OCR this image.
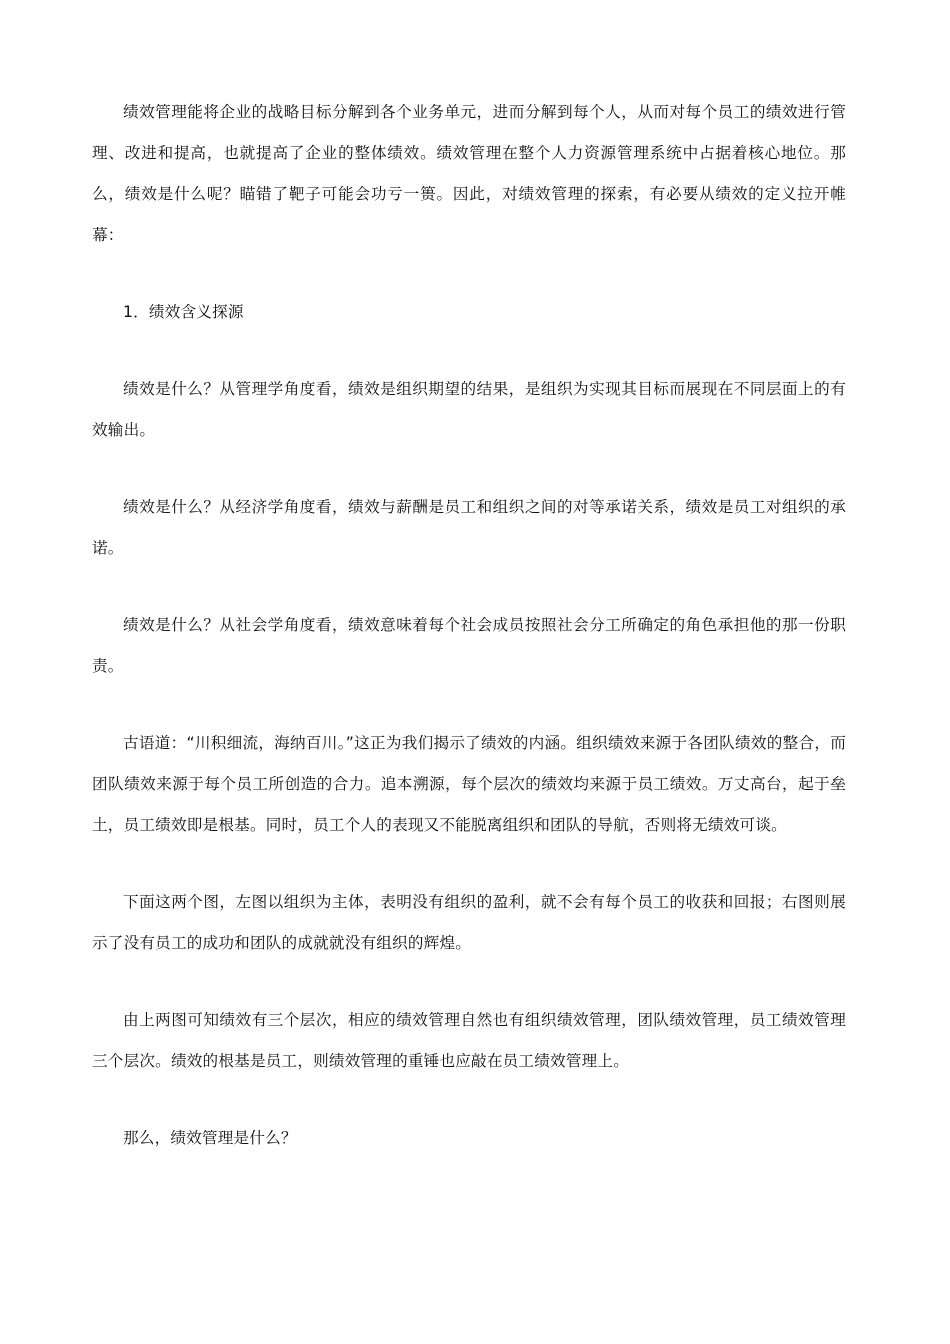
绩效管理能将企业的战略目标分解到各个业务单元，进而分解到每个人，从而对每个员工的绩效进行管理、改进和提高，也就提高了企业的整体绩效。绩效管理在整个人力资源管理系统中占据着核心地位。那么，绩效是什么呢？瞄错了靶子可能会功亏一篑。因此，对绩效管理的探索，有必要从绩效的定义拉开帷幕：

1．绩效含义探源

绩效是什么？从管理学角度看，绩效是组织期望的结果，是组织为实现其目标而展现在不同层面上的有效输出。

绩效是什么？从经济学角度看，绩效与薪酬是员工和组织之间的对等承诺关系，绩效是员工对组织的承诺。

绩效是什么？从社会学角度看，绩效意味着每个社会成员按照社会分工所确定的角色承担他的那一份职责。

古语道：“川积细流，海纳百川。”这正为我们揭示了绩效的内涵。组织绩效来源于各团队绩效的整合，而团队绩效来源于每个员工所创造的合力。追本溯源，每个层次的绩效均来源于员工绩效。万丈高台，起于垒土，员工绩效即是根基。同时，员工个人的表现又不能脱离组织和团队的导航，否则将无绩效可谈。

下面这两个图，左图以组织为主体，表明没有组织的盈利，就不会有每个员工的收获和回报；右图则展示了没有员工的成功和团队的成就就没有组织的辉煌。

由上两图可知绩效有三个层次，相应的绩效管理自然也有组织绩效管理，团队绩效管理，员工绩效管理三个层次。绩效的根基是员工，则绩效管理的重锤也应敲在员工绩效管理上。

那么，绩效管理是什么？
